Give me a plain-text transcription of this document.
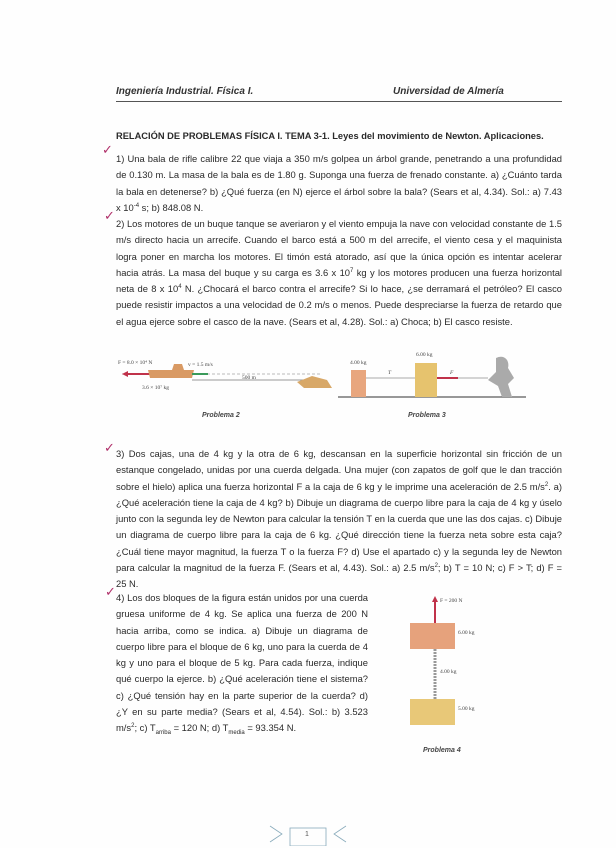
Ingeniería Industrial. Física I.	Universidad de Almería
RELACIÓN DE PROBLEMAS FÍSICA I. TEMA 3-1. Leyes del movimiento de Newton. Aplicaciones.
✓
1) Una bala de rifle calibre 22 que viaja a 350 m/s golpea un árbol grande, penetrando a una profundidad de 0.130 m. La masa de la bala es de 1.80 g. Suponga una fuerza de frenado constante. a) ¿Cuánto tarda la bala en detenerse? b) ¿Qué fuerza (en N) ejerce el árbol sobre la bala? (Sears et al, 4.34). Sol.: a) 7.43 x $10^{-4}$ s; b) 848.08 N.
✓
2) Los motores de un buque tanque se averiaron y el viento empuja la nave con velocidad constante de 1.5 m/s directo hacia un arrecife. Cuando el barco está a 500 m del arrecife, el viento cesa y el maquinista logra poner en marcha los motores. El timón está atorado, así que la única opción es intentar acelerar hacia atrás. La masa del buque y su carga es 3.6 x $10^7$ kg y los motores producen una fuerza horizontal neta de 8 x $10^4$ N. ¿Chocará el barco contra el arrecife? Si lo hace, ¿se derramará el petróleo? El casco puede resistir impactos a una velocidad de 0.2 m/s o menos. Puede despreciarse la fuerza de retardo que el agua ejerce sobre el casco de la nave. (Sears et al, 4.28). Sol.: a) Choca; b) El casco resiste.
F = 8.0 × 10⁴ N	v = 1.5 m/s
3.6 × 10⁷ kg
500 m
Problema 2
4.00 kg
6.00 kg
T	F
Problema 3
✓ 3) Dos cajas, una de 4 kg y la otra de 6 kg, descansan en la superficie horizontal sin fricción de un estanque congelado, unidas por una cuerda delgada. Una mujer (con zapatos de golf que le dan tracción sobre el hielo) aplica una fuerza horizontal F a la caja de 6 kg y le imprime una aceleración de 2.5 $m/s^2$. a) ¿Qué aceleración tiene la caja de 4 kg? b) Dibuje un diagrama de cuerpo libre para la caja de 4 kg y úselo junto con la segunda ley de Newton para calcular la tensión T en la cuerda que une las dos cajas. c) Dibuje un diagrama de cuerpo libre para la caja de 6 kg. ¿Qué dirección tiene la fuerza neta sobre esta caja? ¿Cuál tiene mayor magnitud, la fuerza T o la fuerza F? d) Use el apartado c) y la segunda ley de Newton para calcular la magnitud de la fuerza F. (Sears et al, 4.43). Sol.: a) 2.5 $m/s^2$; b) T = 10 N; c) F > T; d) F = 25 N.
✓ 4) Los dos bloques de la figura están unidos por una cuerda gruesa uniforme de 4 kg. Se aplica una fuerza de 200 N hacia arriba, como se indica. a) Dibuje un diagrama de cuerpo libre para el bloque de 6 kg, uno para la cuerda de 4 kg y uno para el bloque de 5 kg. Para cada fuerza, indique qué cuerpo la ejerce. b) ¿Qué aceleración tiene el sistema? c) ¿Qué tensión hay en la parte superior de la cuerda? d) ¿Y en su parte media? (Sears et al, 4.54). Sol.: b) 3.523 $m/s^2$; c) $T_{arriba} = 120$ N; d) $T_{media} = 93.354$ N.
F = 200 N
6.00 kg
4.00 kg
5.00 kg
Problema 4
1
